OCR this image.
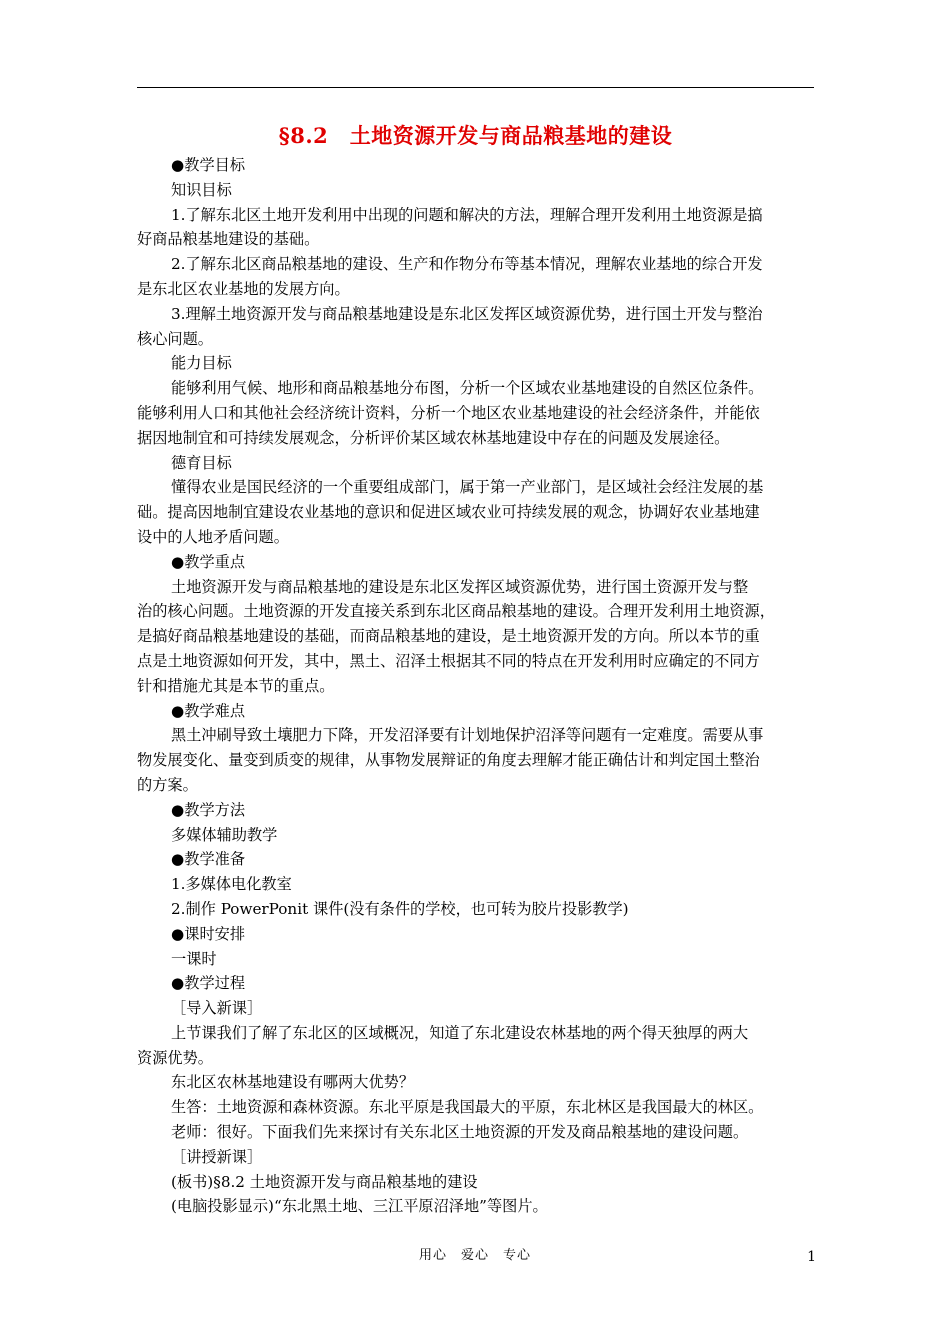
§8.2　土地资源开发与商品粮基地的建设
●教学目标
知识目标
1.了解东北区土地开发利用中出现的问题和解决的方法，理解合理开发利用土地资源是搞
好商品粮基地建设的基础。
2.了解东北区商品粮基地的建设、生产和作物分布等基本情况，理解农业基地的综合开发
是东北区农业基地的发展方向。
3.理解土地资源开发与商品粮基地建设是东北区发挥区域资源优势，进行国土开发与整治
核心问题。
能力目标
能够利用气候、地形和商品粮基地分布图，分析一个区域农业基地建设的自然区位条件。
能够利用人口和其他社会经济统计资料，分析一个地区农业基地建设的社会经济条件，并能依
据因地制宜和可持续发展观念，分析评价某区域农林基地建设中存在的问题及发展途径。
德育目标
懂得农业是国民经济的一个重要组成部门，属于第一产业部门，是区域社会经注发展的基
础。提高因地制宜建设农业基地的意识和促进区域农业可持续发展的观念，协调好农业基地建
设中的人地矛盾问题。
●教学重点
土地资源开发与商品粮基地的建设是东北区发挥区域资源优势，进行国土资源开发与整
治的核心问题。土地资源的开发直接关系到东北区商品粮基地的建设。合理开发利用土地资源，
是搞好商品粮基地建设的基础，而商品粮基地的建设，是土地资源开发的方向。所以本节的重
点是土地资源如何开发，其中，黑土、沼泽土根据其不同的特点在开发利用时应确定的不同方
针和措施尤其是本节的重点。
●教学难点
黑土冲刷导致土壤肥力下降，开发沼泽要有计划地保护沼泽等问题有一定难度。需要从事
物发展变化、量变到质变的规律，从事物发展辩证的角度去理解才能正确估计和判定国土整治
的方案。
●教学方法
多媒体辅助教学
●教学准备
1.多媒体电化教室
2.制作 PowerPonit 课件(没有条件的学校，也可转为胶片投影教学)
●课时安排
一课时
●教学过程
［导入新课］
上节课我们了解了东北区的区域概况，知道了东北建设农林基地的两个得天独厚的两大
资源优势。
东北区农林基地建设有哪两大优势？
生答：土地资源和森林资源。东北平原是我国最大的平原，东北林区是我国最大的林区。
老师：很好。下面我们先来探讨有关东北区土地资源的开发及商品粮基地的建设问题。
［讲授新课］
(板书)§8.2 土地资源开发与商品粮基地的建设
(电脑投影显示)“东北黑土地、三江平原沼泽地”等图片。
用心　爱心　专心	1
